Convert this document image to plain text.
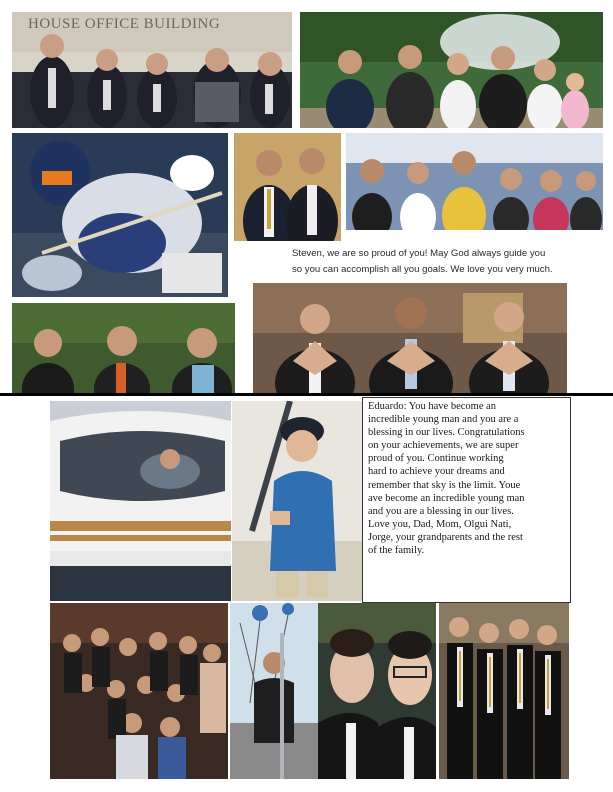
HOUSE OFFICE BUILDING
Steven, we are so proud of you! May God always guide you
so you can accomplish all you goals. We love you very much.
Eduardo: You have become an
incredible young man and you are a
blessing in our lives. Congratulations
on your achievements, we are super
proud of you. Continue working
hard to achieve your dreams and
remember that sky is the limit. Youe
ave become an incredible young man
and you are a blessing in our lives.
Love you, Dad, Mom, Olgui Nati,
Jorge, your grandparents and the rest
of the family.
